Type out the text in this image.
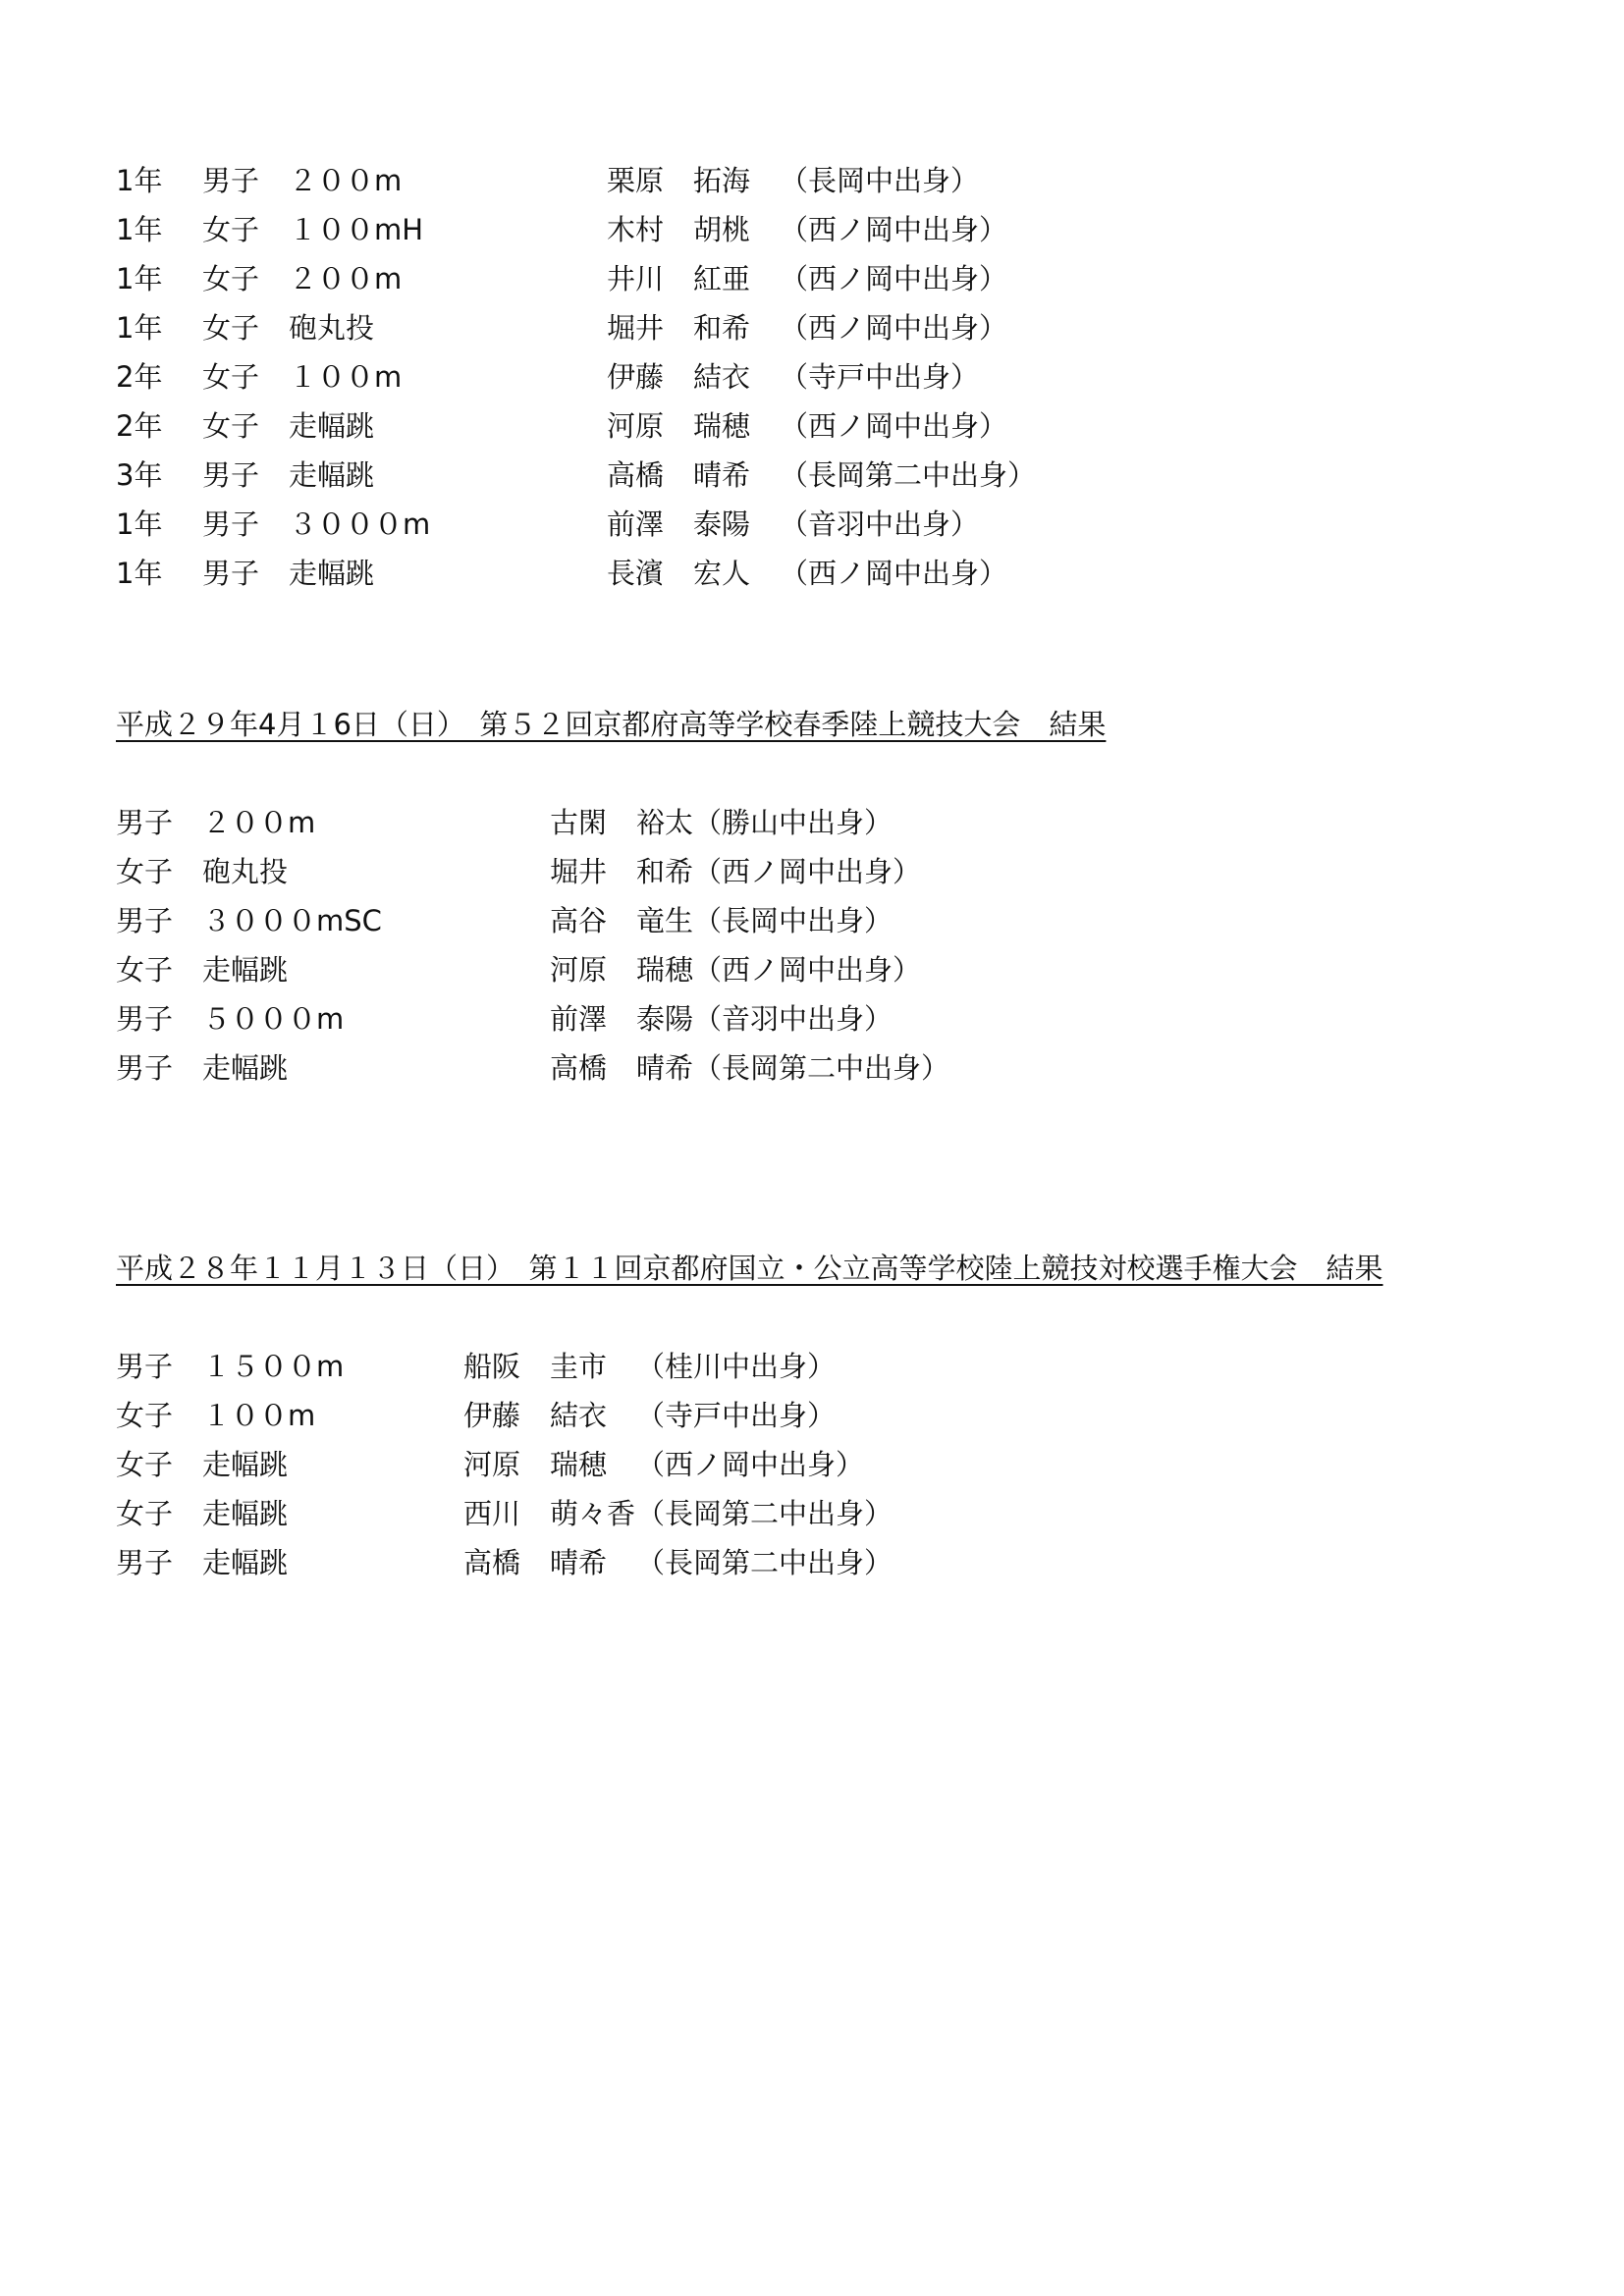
1年 男子 ２００m	栗原 拓海 （長岡中出身）
1年 女子 １００mH	木村 胡桃 （西ノ岡中出身）
1年 女子 ２００m	井川 紅亜 （西ノ岡中出身）
1年 女子 砲丸投	堀井 和希 （西ノ岡中出身）
2年 女子 １００m	伊藤 結衣 （寺戸中出身）
2年 女子 走幅跳	河原 瑞穂 （西ノ岡中出身）
3年 男子 走幅跳	高橋 晴希 （長岡第二中出身）
1年 男子 ３０００m	前澤 泰陽 （音羽中出身）
1年 男子 走幅跳	長濱 宏人 （西ノ岡中出身）
平成２９年4月１6日（日）　第５２回京都府高等学校春季陸上競技大会　結果
男子 ２００m	古閑 裕太 （勝山中出身）
女子 砲丸投	堀井 和希 （西ノ岡中出身）
男子 ３０００mSC	高谷 竜生 （長岡中出身）
女子 走幅跳	河原 瑞穂 （西ノ岡中出身）
男子 ５０００m	前澤 泰陽 （音羽中出身）
男子 走幅跳	高橋 晴希 （長岡第二中出身）
平成２８年１１月１３日（日）　第１１回京都府国立・公立高等学校陸上競技対校選手権大会　結果
男子 １５００m	船阪 圭市 （桂川中出身）
女子 １００m	伊藤 結衣 （寺戸中出身）
女子 走幅跳	河原 瑞穂 （西ノ岡中出身）
女子 走幅跳	西川 萌々香 （長岡第二中出身）
男子 走幅跳	高橋 晴希 （長岡第二中出身）
